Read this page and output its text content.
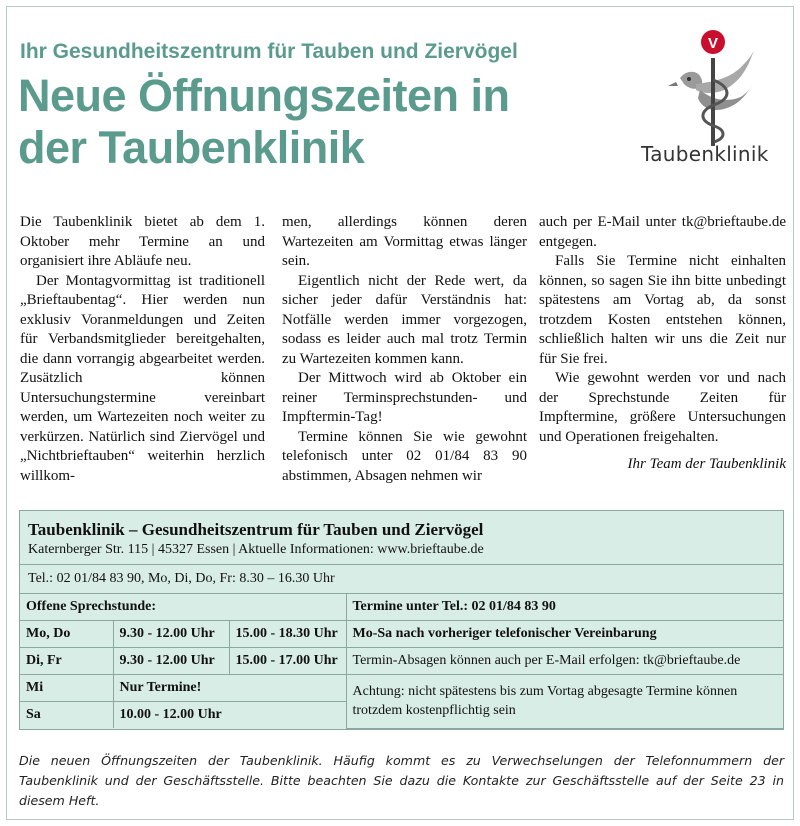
Ihr Gesundheitszentrum für Tauben und Ziervögel
Neue Öffnungszeiten in der Taubenklinik
V
Taubenklinik

Die Taubenklinik bietet ab dem 1. Oktober mehr Termine an und organisiert ihre Abläufe neu.

Der Montagvormittag ist traditionell „Brieftaubentag“. Hier werden nun exklusiv Voranmeldungen und Zeiten für Verbandsmitglieder bereitgehalten, die dann vorrangig abgearbeitet werden. Zusätzlich können Untersuchungstermine vereinbart werden, um Wartezeiten noch weiter zu verkürzen. Natürlich sind Ziervögel und „Nichtbrieftauben“ weiterhin herzlich willkom-

men, allerdings können deren Wartezeiten am Vormittag etwas länger sein.

Eigentlich nicht der Rede wert, da sicher jeder dafür Verständnis hat: Notfälle werden immer vorgezogen, sodass es leider auch mal trotz Termin zu Wartezeiten kommen kann.

Der Mittwoch wird ab Oktober ein reiner Terminsprechstunden- und Impftermin-Tag!

Termine können Sie wie gewohnt telefonisch unter 02 01/84 83 90 abstimmen, Absagen nehmen wir

auch per E-Mail unter tk@brieftaube.de entgegen.

Falls Sie Termine nicht einhalten können, so sagen Sie ihn bitte unbedingt spätestens am Vortag ab, da sonst trotzdem Kosten entstehen können, schließlich halten wir uns die Zeit nur für Sie frei.

Wie gewohnt werden vor und nach der Sprechstunde Zeiten für Impftermine, größere Untersuchungen und Operationen freigehalten.

Ihr Team der Taubenklinik

Taubenklinik – Gesundheitszentrum für Tauben und Ziervögel
Katernberger Str. 115 | 45327 Essen | Aktuelle Informationen: www.brieftaube.de
Tel.: 02 01/84 83 90, Mo, Di, Do, Fr: 8.30 – 16.30 Uhr
Offene Sprechstunde:			Termine unter Tel.: 02 01/84 83 90
Mo, Do	9.30 - 12.00 Uhr	15.00 - 18.30 Uhr	Mo-Sa nach vorheriger telefonischer Vereinbarung
Di, Fr	9.30 - 12.00 Uhr	15.00 - 17.00 Uhr	Termin-Absagen können auch per E-Mail erfolgen: tk@brieftaube.de
Mi	Nur Termine!		Achtung: nicht spätestens bis zum Vortag abgesagte Termine können trotzdem kostenpflichtig sein
Sa	10.00 - 12.00 Uhr		
Die neuen Öffnungszeiten der Taubenklinik. Häufig kommt es zu Verwechselungen der Telefonnummern der Taubenklinik und der Geschäftsstelle. Bitte beachten Sie dazu die Kontakte zur Geschäftsstelle auf der Seite 23 in diesem Heft.
